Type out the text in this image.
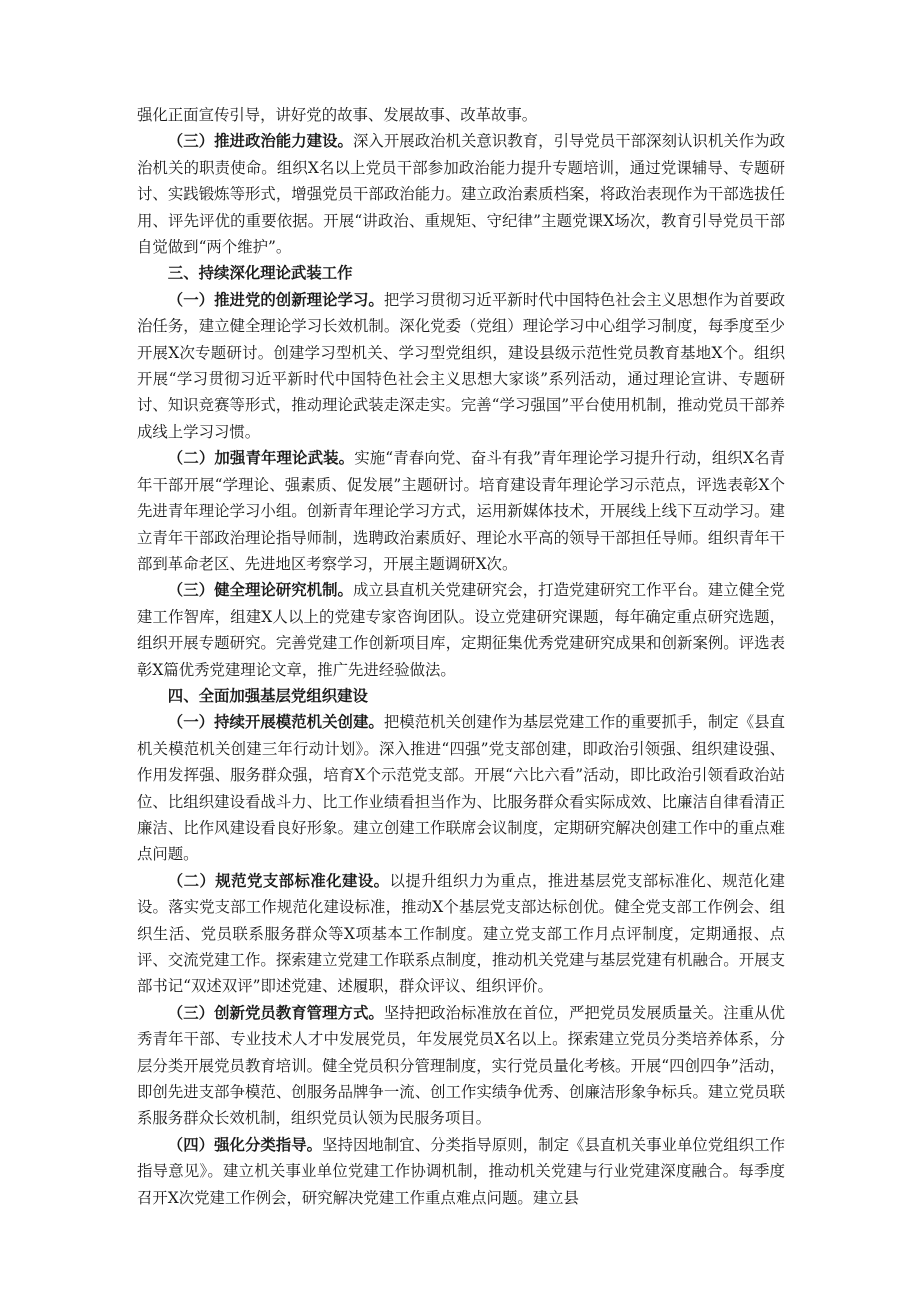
强化正面宣传引导，讲好党的故事、发展故事、改革故事。

（三）推进政治能力建设。深入开展政治机关意识教育，引导党员干部深刻认识机关作为政治机关的职责使命。组织X名以上党员干部参加政治能力提升专题培训，通过党课辅导、专题研讨、实践锻炼等形式，增强党员干部政治能力。建立政治素质档案，将政治表现作为干部选拔任用、评先评优的重要依据。开展“讲政治、重规矩、守纪律”主题党课X场次，教育引导党员干部自觉做到“两个维护”。

三、持续深化理论武装工作

（一）推进党的创新理论学习。把学习贯彻习近平新时代中国特色社会主义思想作为首要政治任务，建立健全理论学习长效机制。深化党委（党组）理论学习中心组学习制度，每季度至少开展X次专题研讨。创建学习型机关、学习型党组织，建设县级示范性党员教育基地X个。组织开展“学习贯彻习近平新时代中国特色社会主义思想大家谈”系列活动，通过理论宣讲、专题研讨、知识竞赛等形式，推动理论武装走深走实。完善“学习强国”平台使用机制，推动党员干部养成线上学习习惯。

（二）加强青年理论武装。实施“青春向党、奋斗有我”青年理论学习提升行动，组织X名青年干部开展“学理论、强素质、促发展”主题研讨。培育建设青年理论学习示范点，评选表彰X个先进青年理论学习小组。创新青年理论学习方式，运用新媒体技术，开展线上线下互动学习。建立青年干部政治理论指导师制，选聘政治素质好、理论水平高的领导干部担任导师。组织青年干部到革命老区、先进地区考察学习，开展主题调研X次。

（三）健全理论研究机制。成立县直机关党建研究会，打造党建研究工作平台。建立健全党建工作智库，组建X人以上的党建专家咨询团队。设立党建研究课题，每年确定重点研究选题，组织开展专题研究。完善党建工作创新项目库，定期征集优秀党建研究成果和创新案例。评选表彰X篇优秀党建理论文章，推广先进经验做法。

四、全面加强基层党组织建设

（一）持续开展模范机关创建。把模范机关创建作为基层党建工作的重要抓手，制定《县直机关模范机关创建三年行动计划》。深入推进“四强”党支部创建，即政治引领强、组织建设强、作用发挥强、服务群众强，培育X个示范党支部。开展“六比六看”活动，即比政治引领看政治站位、比组织建设看战斗力、比工作业绩看担当作为、比服务群众看实际成效、比廉洁自律看清正廉洁、比作风建设看良好形象。建立创建工作联席会议制度，定期研究解决创建工作中的重点难点问题。

（二）规范党支部标准化建设。以提升组织力为重点，推进基层党支部标准化、规范化建设。落实党支部工作规范化建设标准，推动X个基层党支部达标创优。健全党支部工作例会、组织生活、党员联系服务群众等X项基本工作制度。建立党支部工作月点评制度，定期通报、点评、交流党建工作。探索建立党建工作联系点制度，推动机关党建与基层党建有机融合。开展支部书记“双述双评”即述党建、述履职，群众评议、组织评价。

（三）创新党员教育管理方式。坚持把政治标准放在首位，严把党员发展质量关。注重从优秀青年干部、专业技术人才中发展党员，年发展党员X名以上。探索建立党员分类培养体系，分层分类开展党员教育培训。健全党员积分管理制度，实行党员量化考核。开展“四创四争”活动，即创先进支部争模范、创服务品牌争一流、创工作实绩争优秀、创廉洁形象争标兵。建立党员联系服务群众长效机制，组织党员认领为民服务项目。

（四）强化分类指导。坚持因地制宜、分类指导原则，制定《县直机关事业单位党组织工作指导意见》。建立机关事业单位党建工作协调机制，推动机关党建与行业党建深度融合。每季度召开X次党建工作例会，研究解决党建工作重点难点问题。建立县
